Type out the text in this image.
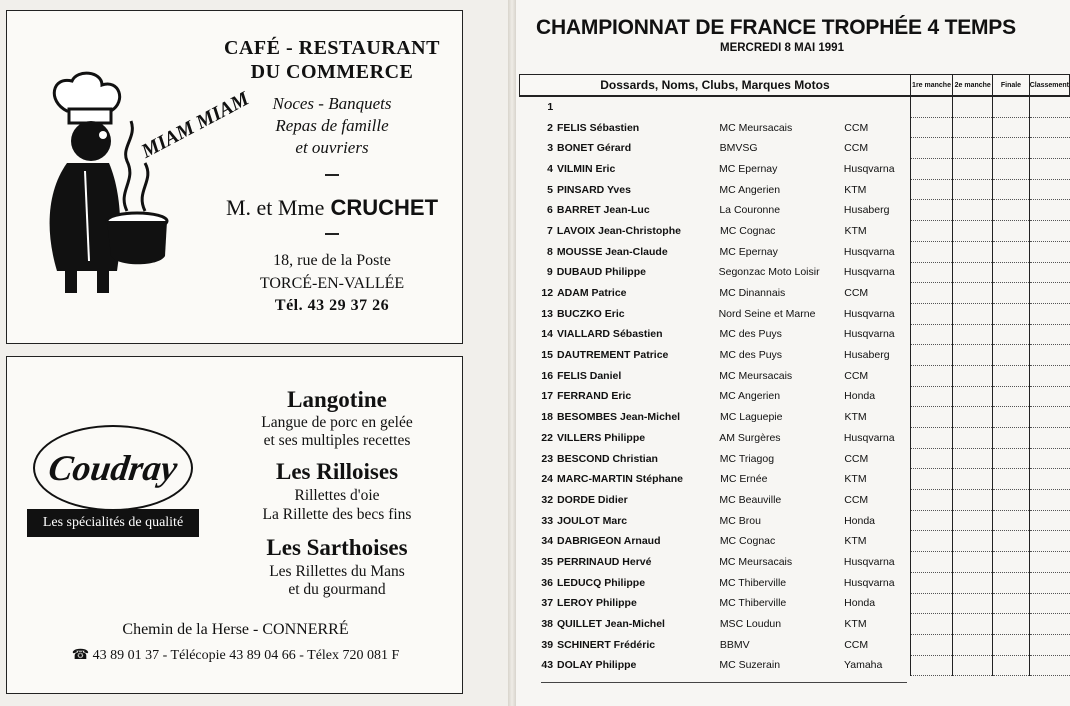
MIAM MIAM
CAFÉ - RESTAURANT
DU COMMERCE
Noces - Banquets
Repas de famille
et ouvriers
M. et Mme CRUCHET
18, rue de la Poste
TORCÉ-EN-VALLÉE
Tél. 43 29 37 26
Coudray
Les spécialités de qualité
Langotine
Langue de porc en gelée
et ses multiples recettes
Les Rilloises
Rillettes d'oie
La Rillette des becs fins
Les Sarthoises
Les Rillettes du Mans
et du gourmand
Chemin de la Herse - CONNERRÉ
☎ 43 89 01 37 - Télécopie 43 89 04 66 - Télex 720 081 F
CHAMPIONNAT DE FRANCE TROPHÉE 4 TEMPS
MERCREDI 8 MAI 1991
Dossards, Noms, Clubs, Marques Motos	1re manche	2e manche	Finale	Classement

1			

2	FELIS Sébastien	MC Meursacais	CCM

3	BONET Gérard	BMVSG	CCM

4	VILMIN Eric	MC Epernay	Husqvarna

5	PINSARD Yves	MC Angerien	KTM

6	BARRET Jean-Luc	La Couronne	Husaberg

7	LAVOIX Jean-Christophe	MC Cognac	KTM

8	MOUSSE Jean-Claude	MC Epernay	Husqvarna

9	DUBAUD Philippe	Segonzac Moto Loisir	Husqvarna

12	ADAM Patrice	MC Dinannais	CCM

13	BUCZKO Eric	Nord Seine et Marne	Husqvarna

14	VIALLARD Sébastien	MC des Puys	Husqvarna

15	DAUTREMENT Patrice	MC des Puys	Husaberg

16	FELIS Daniel	MC Meursacais	CCM

17	FERRAND Eric	MC Angerien	Honda

18	BESOMBES Jean-Michel	MC Laguepie	KTM

22	VILLERS Philippe	AM Surgères	Husqvarna

23	BESCOND Christian	MC Triagog	CCM

24	MARC-MARTIN Stéphane	MC Ernée	KTM

32	DORDE Didier	MC Beauville	CCM

33	JOULOT Marc	MC Brou	Honda

34	DABRIGEON Arnaud	MC Cognac	KTM

35	PERRINAUD Hervé	MC Meursacais	Husqvarna

36	LEDUCQ Philippe	MC Thiberville	Husqvarna

37	LEROY Philippe	MC Thiberville	Honda

38	QUILLET Jean-Michel	MSC Loudun	KTM

39	SCHINERT Frédéric	BBMV	CCM

43	DOLAY Philippe	MC Suzerain	Yamaha
